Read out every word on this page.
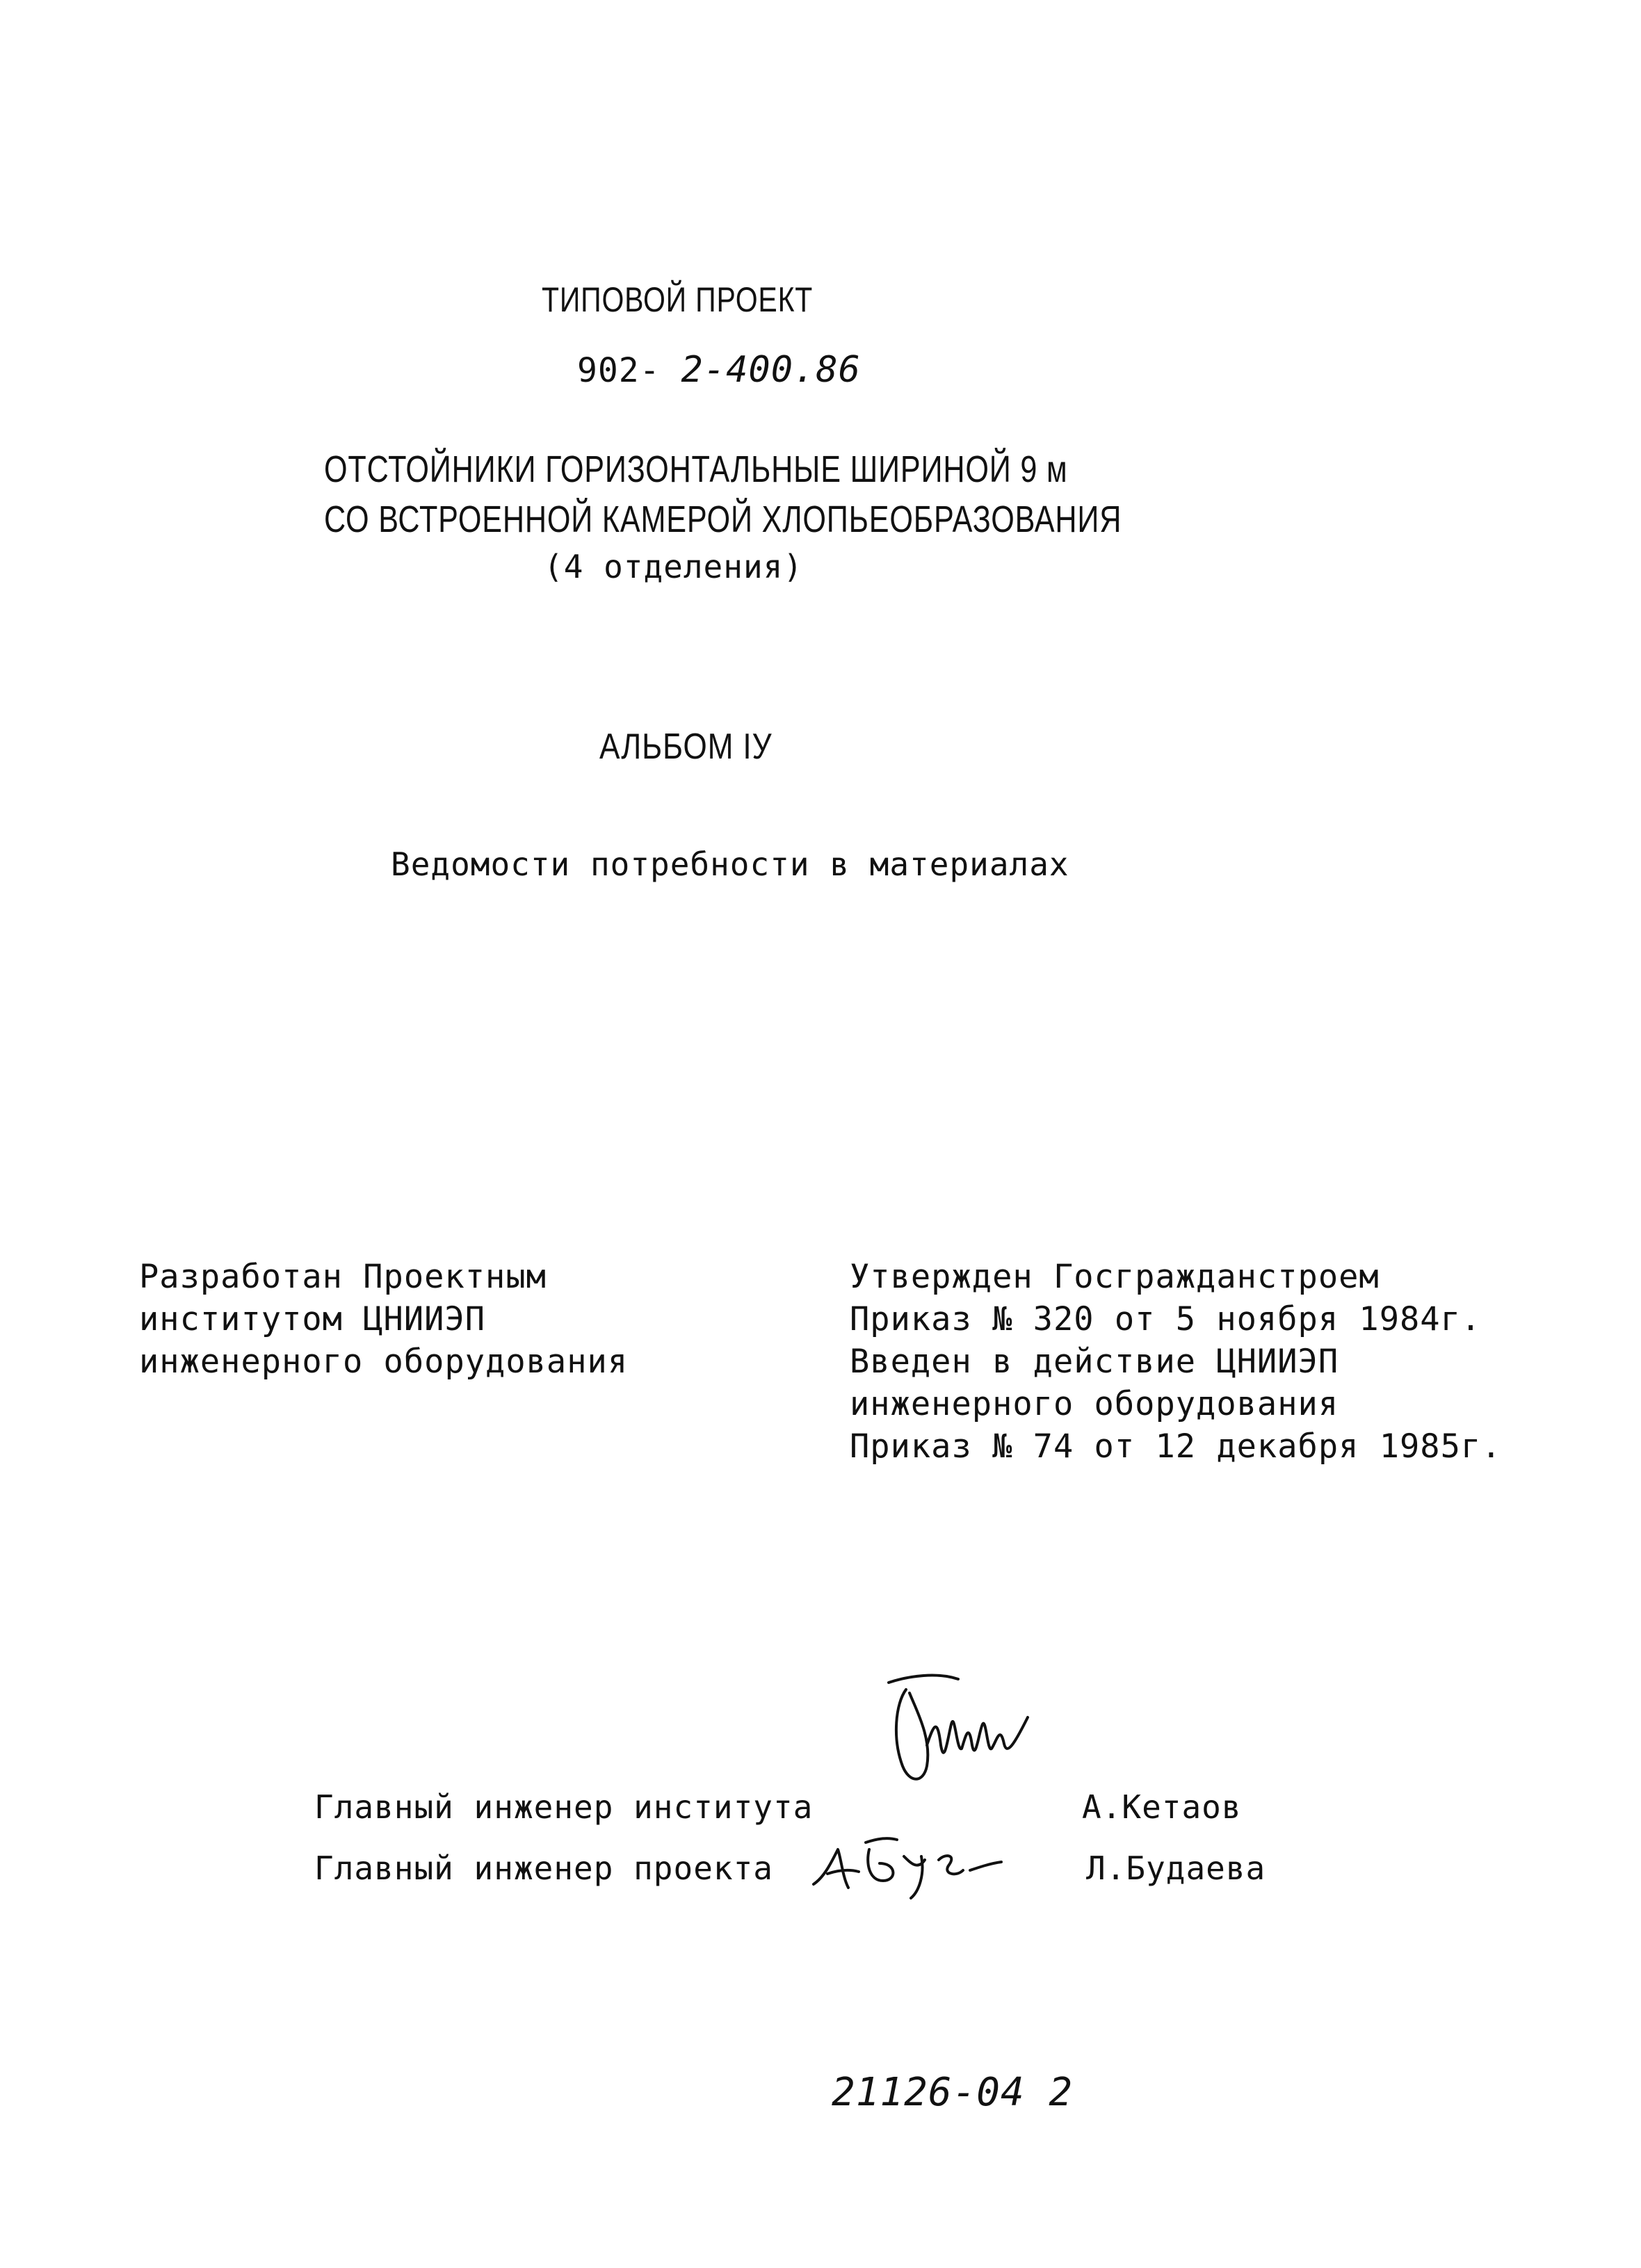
ТИПОВОЙ ПРОЕКТ
902- 2-400.86
ОТСТОЙНИКИ ГОРИЗОНТАЛЬНЫЕ ШИРИНОЙ 9 м
СО ВСТРОЕННОЙ КАМЕРОЙ ХЛОПЬЕОБРАЗОВАНИЯ
(4 отделения)
АЛЬБОМ IУ
Ведомости потребности в материалах
Разработан Проектным
институтом ЦНИИЭП
инженерного оборудования
Утвержден Госгражданстроем
Приказ № 320 от 5 ноября 1984г.
Введен в действие ЦНИИЭП
инженерного оборудования
Приказ № 74 от 12 декабря 1985г.
Главный инженер института	А.Кетаов
Главный инженер проекта	Л.Будаева
21126-04 2
